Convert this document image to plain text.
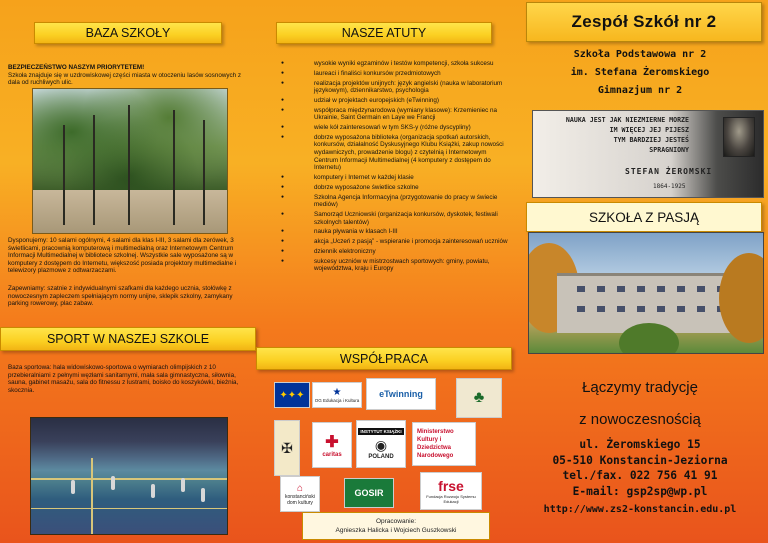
BAZA SZKOŁY
BEZPIECZEŃSTWO NASZYM PRIORYTETEM!
Szkoła znajduje się w uzdrowiskowej części miasta w otoczeniu lasów sosnowych z dala od ruchliwych ulic.
Dysponujemy: 10 salami ogólnymi, 4 salami dla klas I-III, 3 salami dla zerówek, 3 świetlicami, pracownią komputerową i multimedialną oraz Internetowym Centrum Informacji Multimedialnej w bibliotece szkolnej. Wszystkie sale wyposażone są w komputery z dostępem do Internetu, większość posiada projektory multimedialne i telewizory plazmowe z odtwarzaczami.
Zapewniamy: szatnie z indywidualnymi szafkami dla każdego ucznia, stołówkę z nowoczesnym zapleczem spełniającym normy unijne, sklepik szkolny, zamykany parking rowerowy, plac zabaw.
SPORT W NASZEJ SZKOLE
Baza sportowa: hala widowiskowo-sportowa o wymiarach olimpijskich z 10 przebieralniami z pełnymi węzłami sanitarnymi, mała sala gimnastyczna, siłownia, sauna, gabinet masażu, sala do fitnessu z lustrami, boisko do koszykówki, bieżnia, skocznia.
NASZE ATUTY
● wysokie wyniki egzaminów i testów kompetencji, szkoła sukcesu
● laureaci i finaliści konkursów przedmiotowych
● realizacja projektów unijnych: język angielski (nauka w laboratorium językowym), dziennikarstwo, psychologia
● udział w projektach europejskich (eTwinning)
● współpraca międzynarodowa (wymiany klasowe): Krzemieniec na Ukrainie, Saint Germain en Laye we Francji
● wiele kół zainteresowań w tym SKS-y (różne dyscypliny)
● dobrze wyposażona biblioteka (organizacja spotkań autorskich, konkursów, działalność Dyskusyjnego Klubu Książki, zakup nowości wydawniczych, prowadzenie blogu) z czytelnią i Internetowym Centrum Informacji Multimedialnej (4 komputery z dostępem do Internetu)
● komputery i Internet w każdej klasie
● dobrze wyposażone świetlice szkolne
● Szkolna Agencja Informacyjna (przygotowanie do pracy w świecie mediów)
● Samorząd Uczniowski (organizacja konkursów, dyskotek, festiwali szkolnych talentów)
● nauka pływania w klasach I-III
● akcja „Uczeń z pasją” - wspieranie i promocja zainteresowań uczniów
● dziennik elektroniczny
● sukcesy uczniów w mistrzostwach sportowych: gminy, powiatu, województwa, kraju i Europy
WSPÓŁPRACA
✦✦✦	★
OG Edukacja i Kultura
eTwinning	♣
✠ ✚
caritas
INSTYTUT KSIĄŻKI
◉
POLAND
Ministerstwo Kultury i Dziedzictwa Narodowego
⌂
konstanciński dom kultury
GOSIR	frse
Fundacja Rozwoju Systemu Edukacji
Opracowanie:
Agnieszka Halicka i Wojciech Guszkowski
Zespół Szkół nr 2
Szkoła Podstawowa nr 2
im. Stefana Żeromskiego
Gimnazjum nr 2
NAUKA JEST JAK NIEZMIERNE MORZE
IM WIĘCEJ JEJ PIJESZ
TYM BARDZIEJ JESTEŚ
SPRAGNIONY
STEFAN ŻEROMSKI
1864-1925
SZKOŁA Z PASJĄ
Łączymy tradycję
z nowoczesnością
ul. Żeromskiego 15
05-510 Konstancin-Jeziorna
tel./fax. 022 756 41 91
E-mail: gsp2sp@wp.pl
http://www.zs2-konstancin.edu.pl
